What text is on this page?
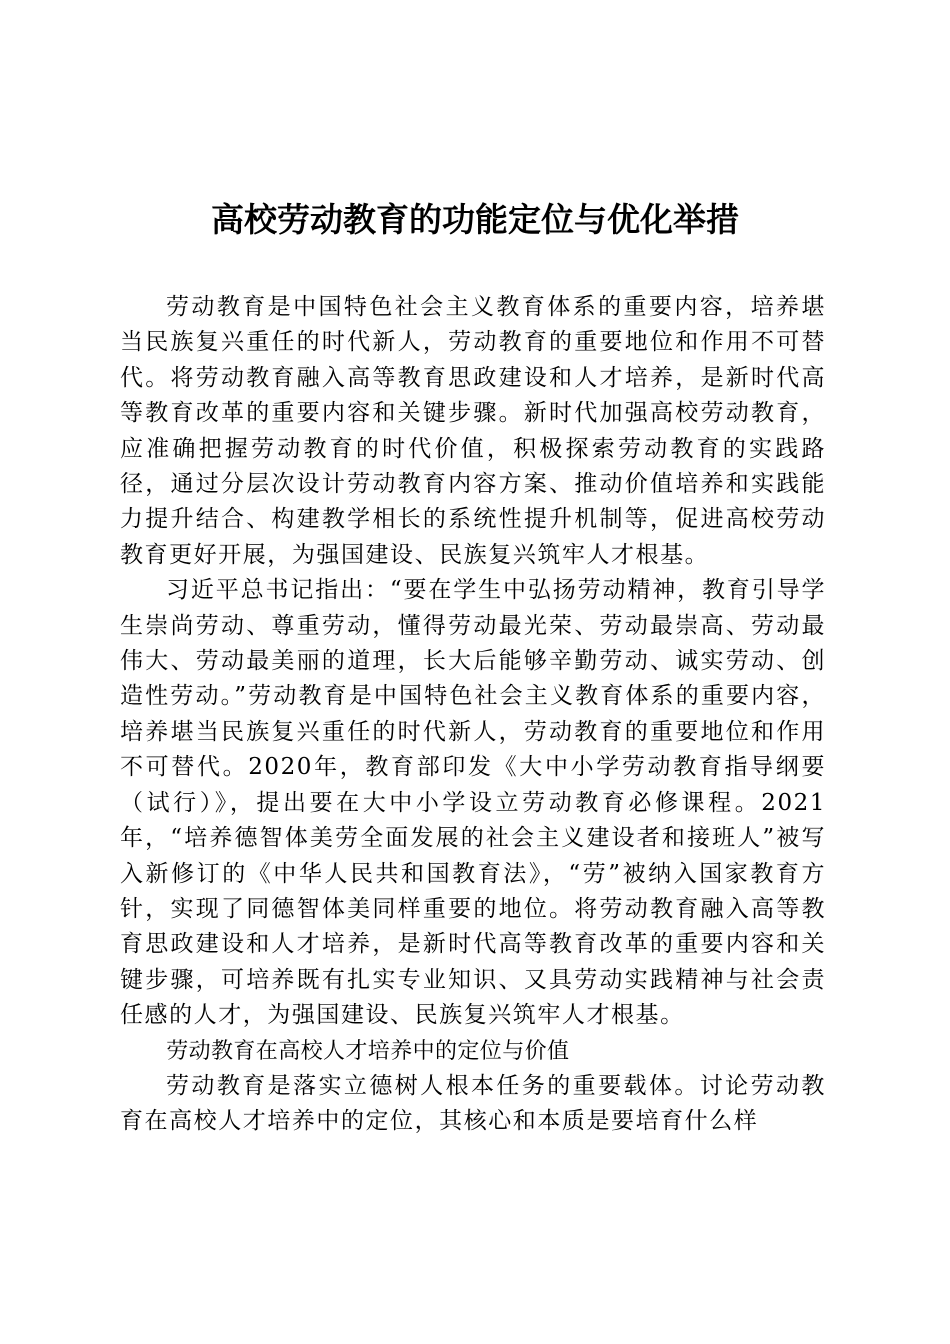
高校劳动教育的功能定位与优化举措

劳动教育是中国特色社会主义教育体系的重要内容，培养堪当民族复兴重任的时代新人，劳动教育的重要地位和作用不可替代。将劳动教育融入高等教育思政建设和人才培养，是新时代高等教育改革的重要内容和关键步骤。新时代加强高校劳动教育，应准确把握劳动教育的时代价值，积极探索劳动教育的实践路径，通过分层次设计劳动教育内容方案、推动价值培养和实践能力提升结合、构建教学相长的系统性提升机制等，促进高校劳动教育更好开展，为强国建设、民族复兴筑牢人才根基。

习近平总书记指出：“要在学生中弘扬劳动精神，教育引导学生崇尚劳动、尊重劳动，懂得劳动最光荣、劳动最崇高、劳动最伟大、劳动最美丽的道理，长大后能够辛勤劳动、诚实劳动、创造性劳动。”劳动教育是中国特色社会主义教育体系的重要内容，培养堪当民族复兴重任的时代新人，劳动教育的重要地位和作用不可替代。2020年，教育部印发《大中小学劳动教育指导纲要（试行）》，提出要在大中小学设立劳动教育必修课程。2021年，“培养德智体美劳全面发展的社会主义建设者和接班人”被写入新修订的《中华人民共和国教育法》，“劳”被纳入国家教育方针，实现了同德智体美同样重要的地位。将劳动教育融入高等教育思政建设和人才培养，是新时代高等教育改革的重要内容和关键步骤，可培养既有扎实专业知识、又具劳动实践精神与社会责任感的人才，为强国建设、民族复兴筑牢人才根基。

劳动教育在高校人才培养中的定位与价值

劳动教育是落实立德树人根本任务的重要载体。讨论劳动教育在高校人才培养中的定位，其核心和本质是要培育什么样
